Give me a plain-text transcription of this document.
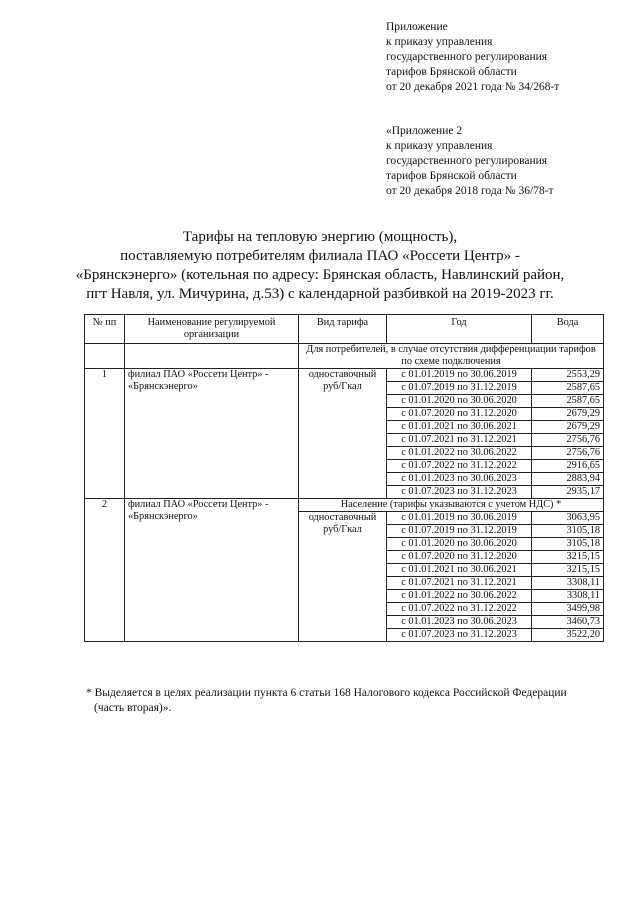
Приложение
к приказу управления
государственного регулирования
тарифов Брянской области
от 20 декабря 2021 года № 34/268-т
«Приложение 2
к приказу управления
государственного регулирования
тарифов Брянской области
от 20 декабря 2018 года № 36/78-т
Тарифы на тепловую энергию (мощность),
поставляемую потребителям филиала ПАО «Россети Центр» -
«Брянскэнерго» (котельная по адресу: Брянская область, Навлинский район,
пгт Навля, ул. Мичурина, д.53) с календарной разбивкой на 2019-2023 гг.
№ пп	Наименование регулируемой организации	Вид тарифа	Год	Вода
		Для потребителей, в случае отсутствия дифференциации тарифов по схеме подключения		
1	филиал ПАО «Россети Центр» - «Брянскэнерго»	одноставочный руб/Гкал	с 01.01.2019 по 30.06.2019	2553,29
			с 01.07.2019 по 31.12.2019	2587,65
			с 01.01.2020 по 30.06.2020	2587,65
			с 01.07.2020 по 31.12.2020	2679,29
			с 01.01.2021 по 30.06.2021	2679,29
			с 01.07.2021 по 31.12.2021	2756,76
			с 01.01.2022 по 30.06.2022	2756,76
			с 01.07.2022 по 31.12.2022	2916,65
			с 01.01.2023 по 30.06.2023	2883,94
			с 01.07.2023 по 31.12.2023	2935,17
2	филиал ПАО «Россети Центр» - «Брянскэнерго»	Население (тарифы указываются с учетом НДС) *		
		одноставочный руб/Гкал	с 01.01.2019 по 30.06.2019	3063,95
			с 01.07.2019 по 31.12.2019	3105,18
			с 01.01.2020 по 30.06.2020	3105,18
			с 01.07.2020 по 31.12.2020	3215,15
			с 01.01.2021 по 30.06.2021	3215,15
			с 01.07.2021 по 31.12.2021	3308,11
			с 01.01.2022 по 30.06.2022	3308,11
			с 01.07.2022 по 31.12.2022	3499,98
			с 01.01.2023 по 30.06.2023	3460,73
			с 01.07.2023 по 31.12.2023	3522,20
* Выделяется в целях реализации пункта 6 статьи 168 Налогового кодекса Российской Федерации
(часть вторая)».
